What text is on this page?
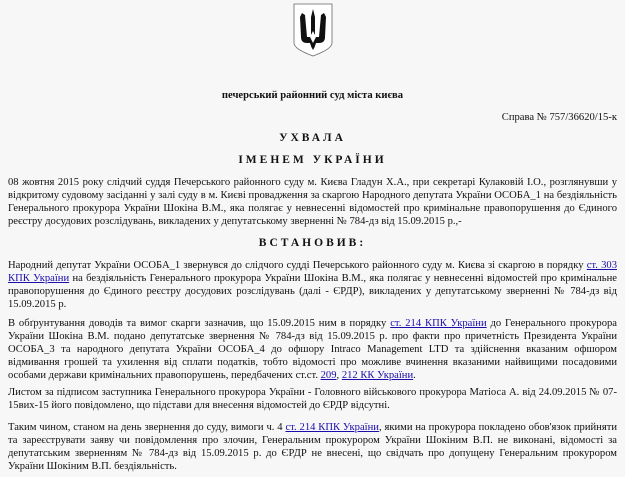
печерський районний суд міста києва
Справа № 757/36620/15-к
УХВАЛА
ІМЕНЕМ УКРАЇНИ

08 жовтня 2015 року слідчий суддя Печерського районного суду м. Києва Гладун Х.А., при секретарі Кулаковій І.О., розглянувши у відкритому судовому засіданні у залі суду в м. Києві провадження за скаргою Народного депутата України ОСОБА_1 на бездіяльність Генерального прокурора України Шокіна В.М., яка полягає у невнесенні відомостей про кримінальне правопорушення до Єдиного реєстру досудових розслідувань, викладених у депутатському зверненні № 784-дз від 15.09.2015 р.,-

ВСТАНОВИВ:

Народний депутат України ОСОБА_1 звернувся до слідчого судді Печерського районного суду м. Києва зі скаргою в порядку ст. 303 КПК України на бездіяльність Генерального прокурора України Шокіна В.М., яка полягає у невнесенні відомостей про кримінальне правопорушення до Єдиного реєстру досудових розслідувань (далі - ЄРДР), викладених у депутатському зверненні № 784-дз від 15.09.2015 р.

В обґрунтування доводів та вимог скарги зазначив, що 15.09.2015 ним в порядку ст. 214 КПК України до Генерального прокурора України Шокіна В.М. подано депутатське звернення № 784-дз від 15.09.2015 р. про факти про причетність Президента України ОСОБА_3 та народного депутата України ОСОБА_4 до офшору Intraco Management LTD та здійснення вказаним офшором відмивання грошей та ухилення від сплати податків, тобто відомості про можливе вчинення вказаними найвищими посадовими особами держави кримінальних правопорушень, передбачених ст.ст. 209, 212 КК України.

Листом за підписом заступника Генерального прокурора України - Головного військового прокурора Матіоса А. від 24.09.2015 № 07-15вих-15 його повідомлено, що підстави для внесення відомостей до ЄРДР відсутні.

Таким чином, станом на день звернення до суду, вимоги ч. 4 ст. 214 КПК України, якими на прокурора покладено обов'язок прийняти та зареєструвати заяву чи повідомлення про злочин, Генеральним прокурором України Шокіним В.П. не виконані, відомості за депутатським зверненням № 784-дз від 15.09.2015 р. до ЄРДР не внесені, що свідчать про допущену Генеральним прокурором України Шокіним В.П. бездіяльність.
